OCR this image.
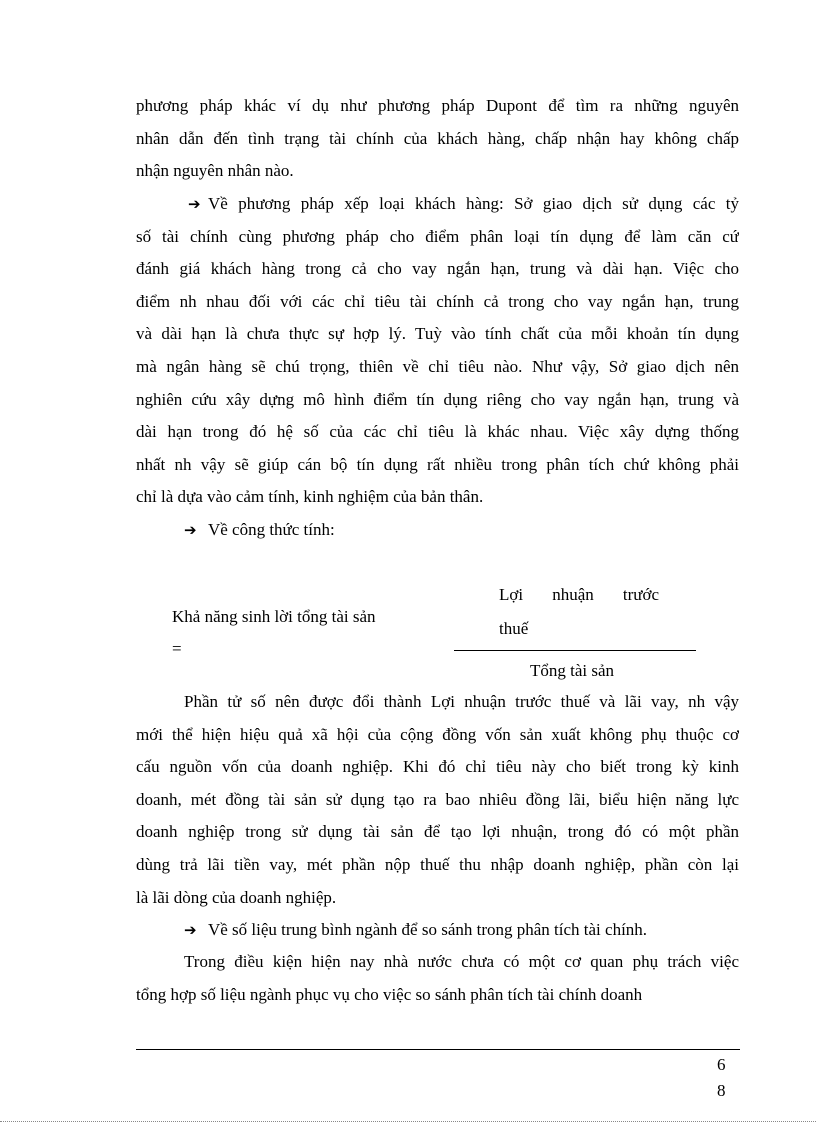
phương pháp khác ví dụ như phương pháp Dupont để tìm ra những nguyên
nhân dẫn đến tình trạng tài chính của khách hàng, chấp nhận hay không chấp
nhận nguyên nhân nào.
➔ Về phương pháp xếp loại khách hàng: Sở giao dịch sử dụng các tỷ
số tài chính cùng phương pháp cho điểm phân loại tín dụng để làm căn cứ
đánh giá khách hàng trong cả cho vay ngắn hạn, trung và dài hạn. Việc cho
điểm nh nhau đối với các chỉ tiêu tài chính cả trong cho vay ngắn hạn, trung
và dài hạn là chưa thực sự hợp lý. Tuỳ vào tính chất của mỗi khoản tín dụng
mà ngân hàng sẽ chú trọng, thiên về chỉ tiêu nào. Như vậy, Sở giao dịch nên
nghiên cứu xây dựng mô hình điểm tín dụng riêng cho vay ngắn hạn, trung và
dài hạn trong đó hệ số của các chỉ tiêu là khác nhau. Việc xây dựng thống
nhất nh vậy sẽ giúp cán bộ tín dụng rất nhiều trong phân tích chứ không phải
chỉ là dựa vào cảm tính, kinh nghiệm của bản thân.
➔ Về công thức tính:
Khả năng sinh lời tổng tài sản
=
Lợi nhuận trước
thuế
Tổng tài sản
Phần tử số nên được đổi thành Lợi nhuận trước thuế và lãi vay, nh vậy
mới thể hiện hiệu quả xã hội của cộng đồng vốn sản xuất không phụ thuộc cơ
cấu nguồn vốn của doanh nghiệp. Khi đó chỉ tiêu này cho biết trong kỳ kinh
doanh, mét đồng tài sản sử dụng tạo ra bao nhiêu đồng lãi, biểu hiện năng lực
doanh nghiệp trong sử dụng tài sản để tạo lợi nhuận, trong đó có một phần
dùng trả lãi tiền vay, mét phần nộp thuế thu nhập doanh nghiệp, phần còn lại
là lãi dòng của doanh nghiệp.
➔ Về số liệu trung bình ngành để so sánh trong phân tích tài chính.
Trong điều kiện hiện nay nhà nước chưa có một cơ quan phụ trách việc
tổng hợp số liệu ngành phục vụ cho việc so sánh phân tích tài chính doanh
6
8
